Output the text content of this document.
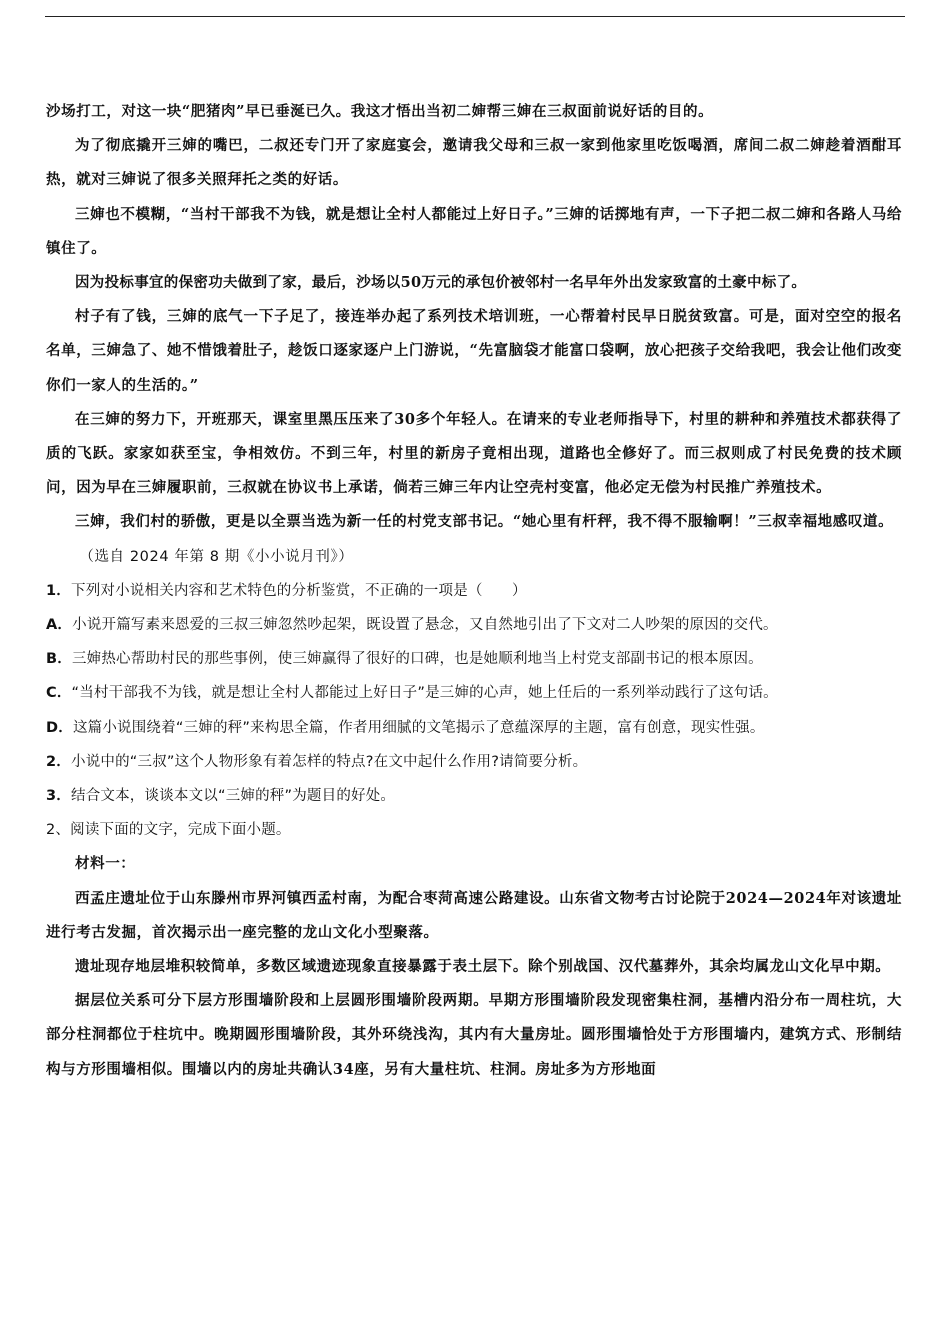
沙场打工，对这一块“肥猪肉”早已垂涎已久。我这才悟出当初二婶帮三婶在三叔面前说好话的目的。

为了彻底撬开三婶的嘴巴，二叔还专门开了家庭宴会，邀请我父母和三叔一家到他家里吃饭喝酒，席间二叔二婶趁着酒酣耳热，就对三婶说了很多关照拜托之类的好话。

三婶也不模糊，“当村干部我不为钱，就是想让全村人都能过上好日子。”三婶的话掷地有声，一下子把二叔二婶和各路人马给镇住了。

因为投标事宜的保密功夫做到了家，最后，沙场以50万元的承包价被邻村一名早年外出发家致富的土豪中标了。

村子有了钱，三婶的底气一下子足了，接连举办起了系列技术培训班，一心帮着村民早日脱贫致富。可是，面对空空的报名名单，三婶急了、她不惜饿着肚子，趁饭口逐家逐户上门游说，“先富脑袋才能富口袋啊，放心把孩子交给我吧，我会让他们改变你们一家人的生活的。”

在三婶的努力下，开班那天，课室里黑压压来了30多个年轻人。在请来的专业老师指导下，村里的耕种和养殖技术都获得了质的飞跃。家家如获至宝，争相效仿。不到三年，村里的新房子竟相出现，道路也全修好了。而三叔则成了村民免费的技术顾问，因为早在三婶履职前，三叔就在协议书上承诺，倘若三婶三年内让空壳村变富，他必定无偿为村民推广养殖技术。

三婶，我们村的骄傲，更是以全票当选为新一任的村党支部书记。“她心里有杆秤，我不得不服输啊！”三叔幸福地感叹道。

（选自 2024 年第 8 期《小小说月刊》）

1．下列对小说相关内容和艺术特色的分析鉴赏，不正确的一项是（　　）

A．小说开篇写素来恩爱的三叔三婶忽然吵起架，既设置了悬念，又自然地引出了下文对二人吵架的原因的交代。

B．三婶热心帮助村民的那些事例，使三婶赢得了很好的口碑，也是她顺利地当上村党支部副书记的根本原因。

C．“当村干部我不为钱，就是想让全村人都能过上好日子”是三婶的心声，她上任后的一系列举动践行了这句话。

D．这篇小说围绕着“三婶的秤”来构思全篇，作者用细腻的文笔揭示了意蕴深厚的主题，富有创意，现实性强。

2．小说中的“三叔”这个人物形象有着怎样的特点?在文中起什么作用?请简要分析。

3．结合文本，谈谈本文以“三婶的秤”为题目的好处。

2、阅读下面的文字，完成下面小题。

材料一：

西孟庄遗址位于山东滕州市界河镇西孟村南，为配合枣菏高速公路建设。山东省文物考古讨论院于2024—2024年对该遗址进行考古发掘，首次揭示出一座完整的龙山文化小型聚落。

遗址现存地层堆积较简单，多数区域遗迹现象直接暴露于表土层下。除个别战国、汉代墓葬外，其余均属龙山文化早中期。

据层位关系可分下层方形围墙阶段和上层圆形围墙阶段两期。早期方形围墙阶段发现密集柱洞，基槽内沿分布一周柱坑，大部分柱洞都位于柱坑中。晚期圆形围墙阶段，其外环绕浅沟，其内有大量房址。圆形围墙恰处于方形围墙内，建筑方式、形制结构与方形围墙相似。围墙以内的房址共确认34座，另有大量柱坑、柱洞。房址多为方形地面
